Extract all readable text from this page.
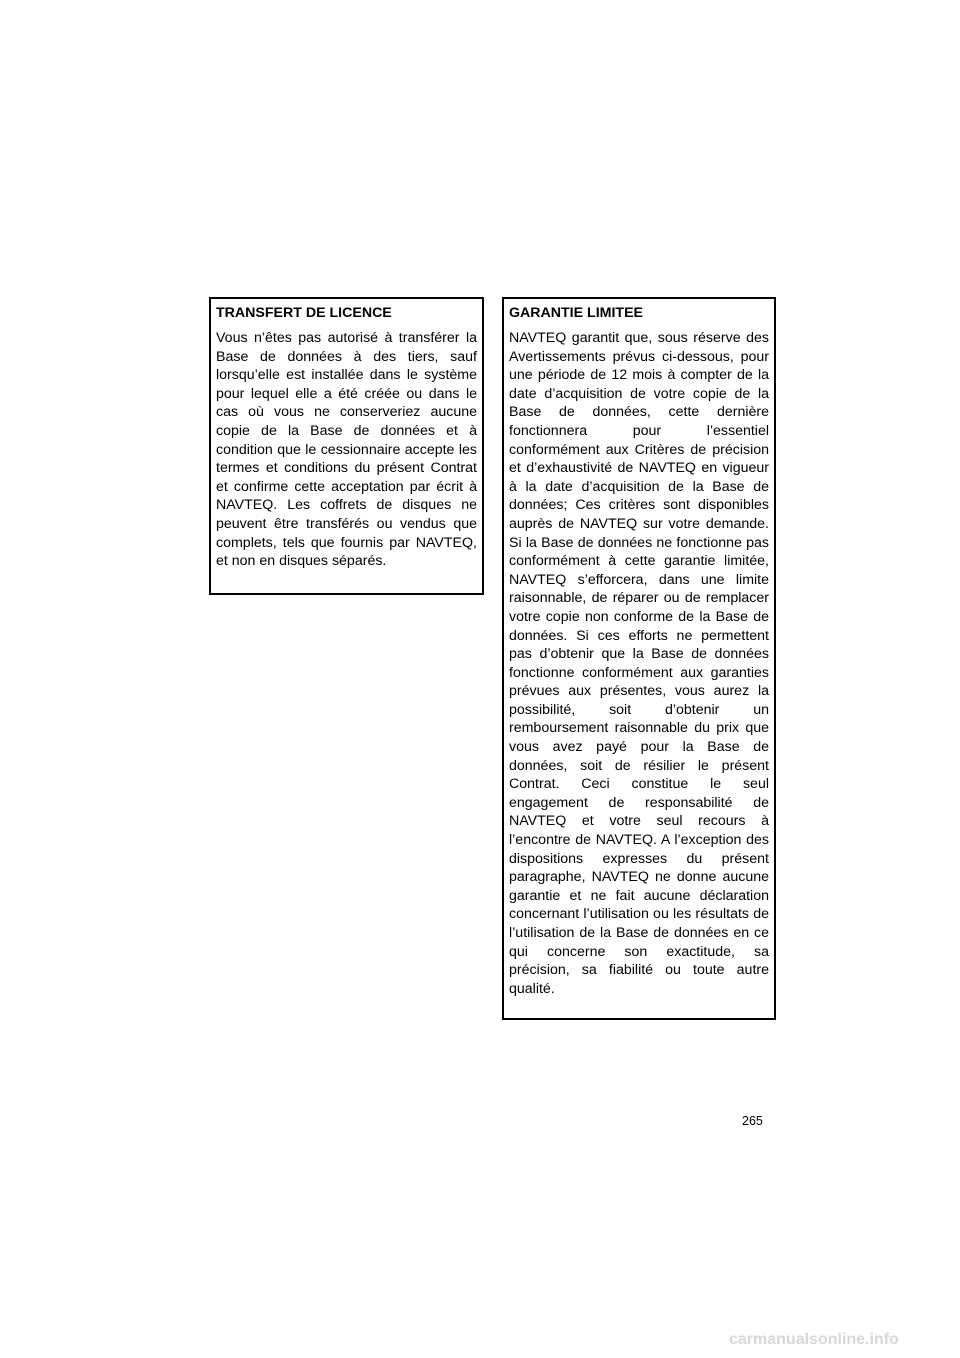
TRANSFERT DE LICENCE

Vous n’êtes pas autorisé à transférer la Base de données à des tiers, sauf lorsqu’elle est installée dans le système pour lequel elle a été créée ou dans le cas où vous ne conserveriez aucune copie de la Base de données et à condition que le cessionnaire accepte les termes et conditions du présent Contrat et confirme cette acceptation par écrit à NAVTEQ. Les coffrets de disques ne peuvent être transférés ou vendus que complets, tels que fournis par NAVTEQ, et non en disques séparés.

GARANTIE LIMITEE

NAVTEQ garantit que, sous réserve des Avertissements prévus ci-dessous, pour une période de 12 mois à compter de la date d’acquisition de votre copie de la Base de données, cette dernière fonctionnera pour l’essentiel conformément aux Critères de précision et d’exhaustivité de NAVTEQ en vigueur à la date d’acquisition de la Base de données; Ces critères sont disponibles auprès de NAVTEQ sur votre demande. Si la Base de données ne fonctionne pas conformément à cette garantie limitée, NAVTEQ s’efforcera, dans une limite raisonnable, de réparer ou de remplacer votre copie non conforme de la Base de données. Si ces efforts ne permettent pas d’obtenir que la Base de données fonctionne conformément aux garanties prévues aux présentes, vous aurez la possibilité, soit d’obtenir un remboursement raisonnable du prix que vous avez payé pour la Base de données, soit de résilier le présent Contrat. Ceci constitue le seul engagement de responsabilité de NAVTEQ et votre seul recours à l’encontre de NAVTEQ. A l’exception des dispositions expresses du présent paragraphe, NAVTEQ ne donne aucune garantie et ne fait aucune déclaration concernant l’utilisation ou les résultats de l’utilisation de la Base de données en ce qui concerne son exactitude, sa précision, sa fiabilité ou toute autre qualité.

265
carmanualsonline.info
